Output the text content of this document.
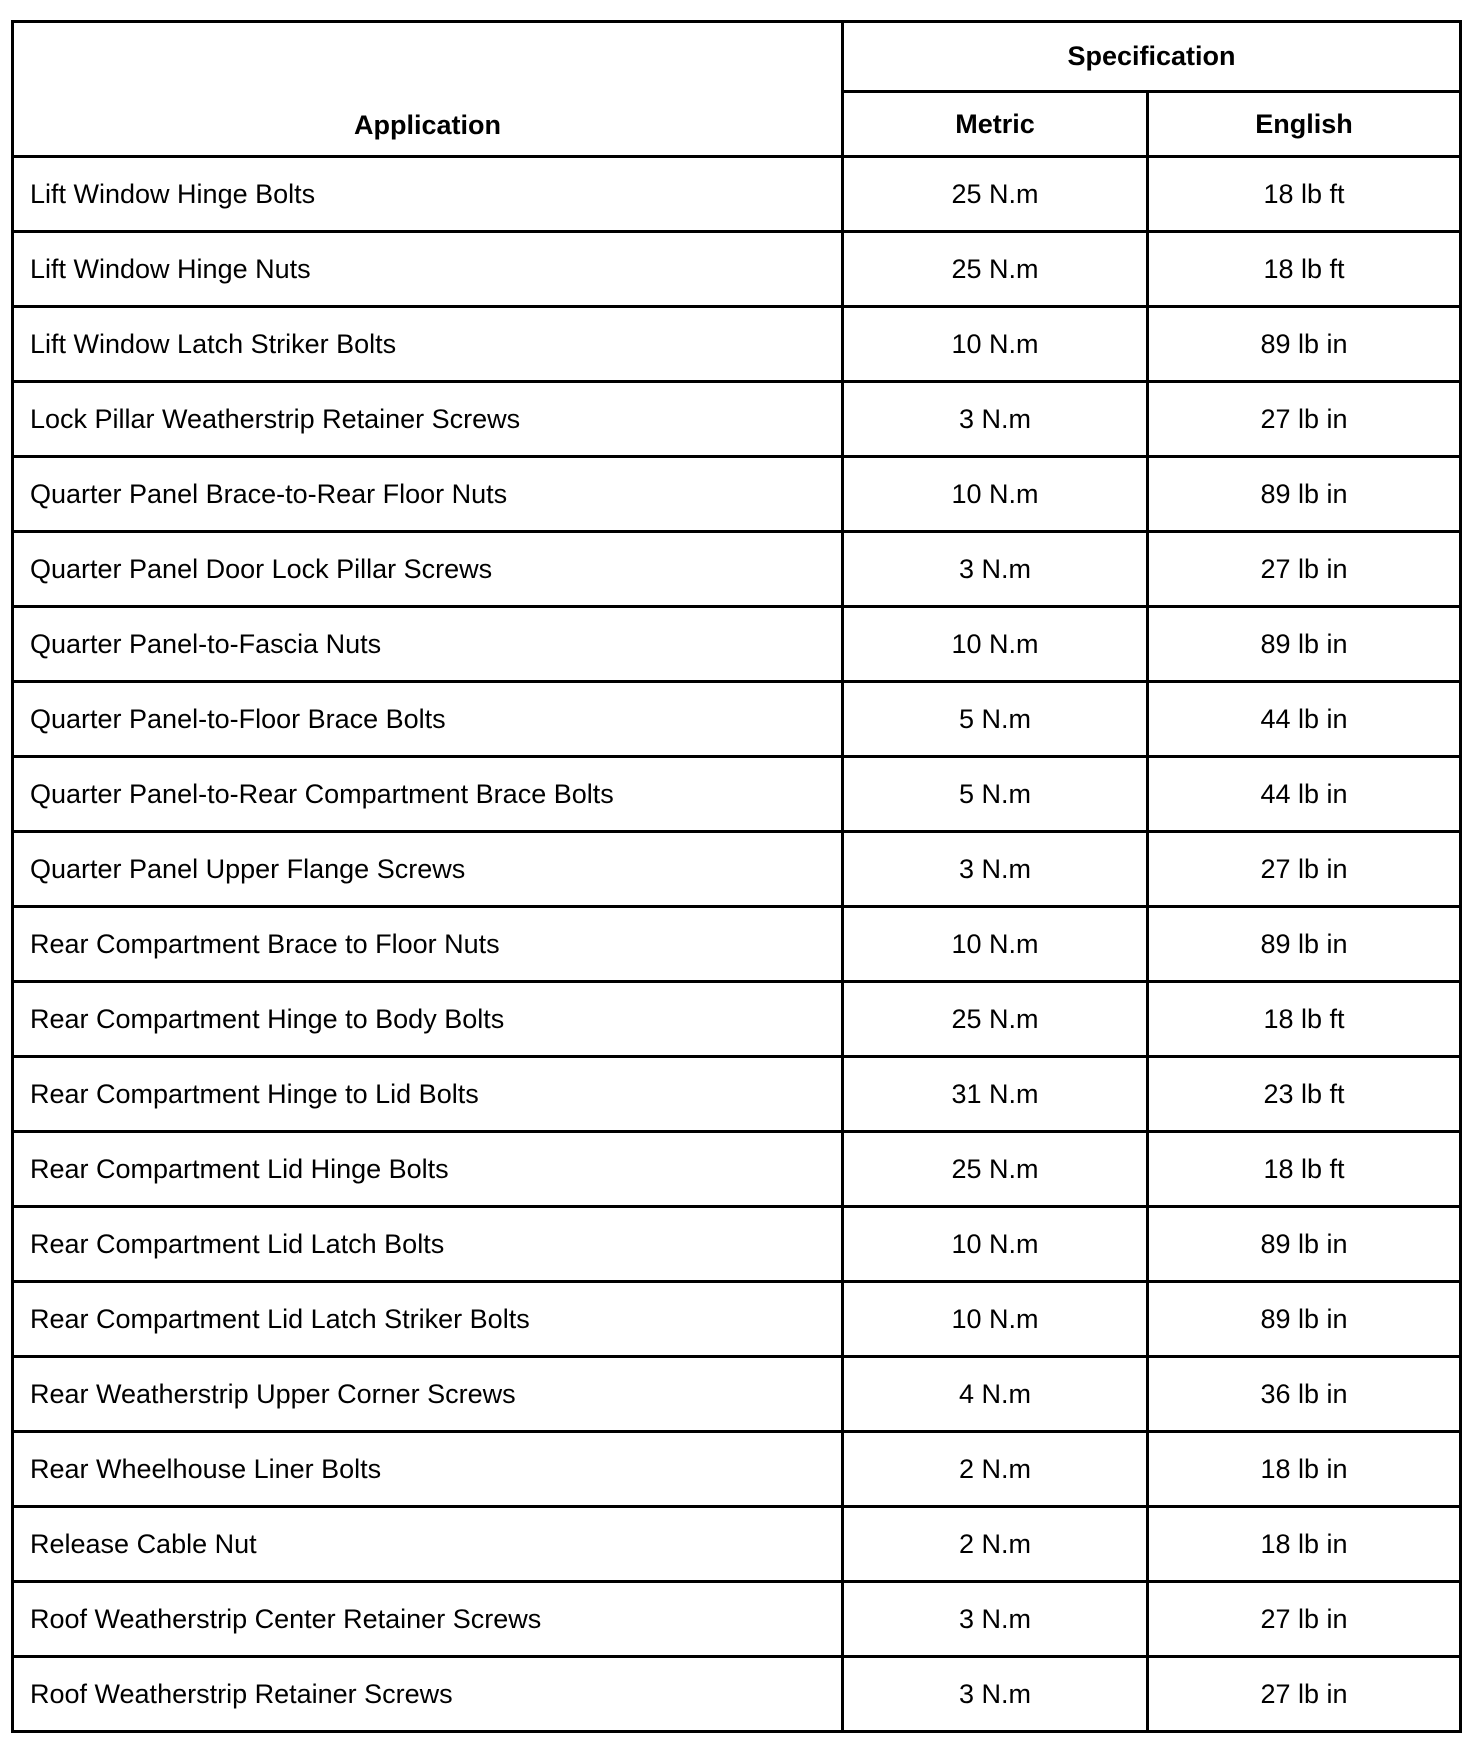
Application	Specification	
	Metric	English
Lift Window Hinge Bolts	25 N.m	18 lb ft
Lift Window Hinge Nuts	25 N.m	18 lb ft
Lift Window Latch Striker Bolts	10 N.m	89 lb in
Lock Pillar Weatherstrip Retainer Screws	3 N.m	27 lb in
Quarter Panel Brace-to-Rear Floor Nuts	10 N.m	89 lb in
Quarter Panel Door Lock Pillar Screws	3 N.m	27 lb in
Quarter Panel-to-Fascia Nuts	10 N.m	89 lb in
Quarter Panel-to-Floor Brace Bolts	5 N.m	44 lb in
Quarter Panel-to-Rear Compartment Brace Bolts	5 N.m	44 lb in
Quarter Panel Upper Flange Screws	3 N.m	27 lb in
Rear Compartment Brace to Floor Nuts	10 N.m	89 lb in
Rear Compartment Hinge to Body Bolts	25 N.m	18 lb ft
Rear Compartment Hinge to Lid Bolts	31 N.m	23 lb ft
Rear Compartment Lid Hinge Bolts	25 N.m	18 lb ft
Rear Compartment Lid Latch Bolts	10 N.m	89 lb in
Rear Compartment Lid Latch Striker Bolts	10 N.m	89 lb in
Rear Weatherstrip Upper Corner Screws	4 N.m	36 lb in
Rear Wheelhouse Liner Bolts	2 N.m	18 lb in
Release Cable Nut	2 N.m	18 lb in
Roof Weatherstrip Center Retainer Screws	3 N.m	27 lb in
Roof Weatherstrip Retainer Screws	3 N.m	27 lb in
